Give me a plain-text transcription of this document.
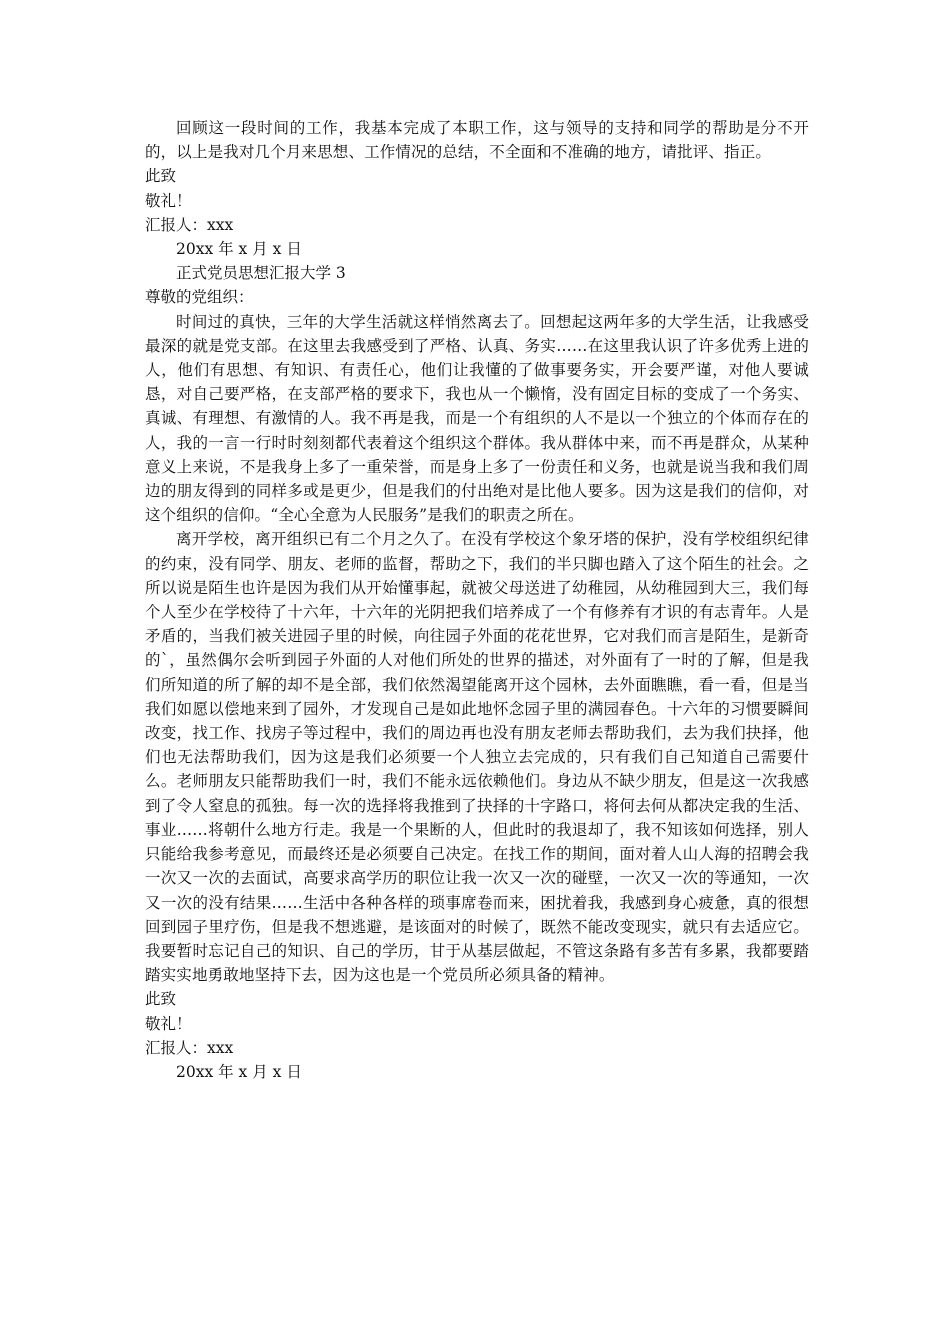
回顾这一段时间的工作，我基本完成了本职工作，这与领导的支持和同学的帮助是分不开的，以上是我对几个月来思想、工作情况的总结，不全面和不准确的地方，请批评、指正。

此致

敬礼！

汇报人：xxx

20xx 年 x 月 x 日

正式党员思想汇报大学 3

尊敬的党组织：

时间过的真快，三年的大学生活就这样悄然离去了。回想起这两年多的大学生活，让我感受最深的就是党支部。在这里去我感受到了严格、认真、务实……在这里我认识了许多优秀上进的人，他们有思想、有知识、有责任心，他们让我懂的了做事要务实，开会要严谨，对他人要诚恳，对自己要严格，在支部严格的要求下，我也从一个懒惰，没有固定目标的变成了一个务实、真诚、有理想、有激情的人。我不再是我，而是一个有组织的人不是以一个独立的个体而存在的人，我的一言一行时时刻刻都代表着这个组织这个群体。我从群体中来，而不再是群众，从某种意义上来说，不是我身上多了一重荣誉，而是身上多了一份责任和义务，也就是说当我和我们周边的朋友得到的同样多或是更少，但是我们的付出绝对是比他人要多。因为这是我们的信仰，对这个组织的信仰。“全心全意为人民服务”是我们的职责之所在。

离开学校，离开组织已有二个月之久了。在没有学校这个象牙塔的保护，没有学校组织纪律的约束，没有同学、朋友、老师的监督，帮助之下，我们的半只脚也踏入了这个陌生的社会。之所以说是陌生也许是因为我们从开始懂事起，就被父母送进了幼稚园，从幼稚园到大三，我们每个人至少在学校待了十六年，十六年的光阴把我们培养成了一个有修养有才识的有志青年。人是矛盾的，当我们被关进园子里的时候，向往园子外面的花花世界，它对我们而言是陌生，是新奇的`，虽然偶尔会听到园子外面的人对他们所处的世界的描述，对外面有了一时的了解，但是我们所知道的所了解的却不是全部，我们依然渴望能离开这个园林，去外面瞧瞧，看一看，但是当我们如愿以偿地来到了园外，才发现自己是如此地怀念园子里的满园春色。十六年的习惯要瞬间改变，找工作、找房子等过程中，我们的周边再也没有朋友老师去帮助我们，去为我们抉择，他们也无法帮助我们，因为这是我们必须要一个人独立去完成的，只有我们自己知道自己需要什么。老师朋友只能帮助我们一时，我们不能永远依赖他们。身边从不缺少朋友，但是这一次我感到了令人窒息的孤独。每一次的选择将我推到了抉择的十字路口，将何去何从都决定我的生活、事业……将朝什么地方行走。我是一个果断的人，但此时的我退却了，我不知该如何选择，别人只能给我参考意见，而最终还是必须要自己决定。在找工作的期间，面对着人山人海的招聘会我一次又一次的去面试，高要求高学历的职位让我一次又一次的碰壁，一次又一次的等通知，一次又一次的没有结果……生活中各种各样的琐事席卷而来，困扰着我，我感到身心疲惫，真的很想回到园子里疗伤，但是我不想逃避，是该面对的时候了，既然不能改变现实，就只有去适应它。我要暂时忘记自己的知识、自己的学历，甘于从基层做起，不管这条路有多苦有多累，我都要踏踏实实地勇敢地坚持下去，因为这也是一个党员所必须具备的精神。

此致

敬礼！

汇报人：xxx

20xx 年 x 月 x 日
